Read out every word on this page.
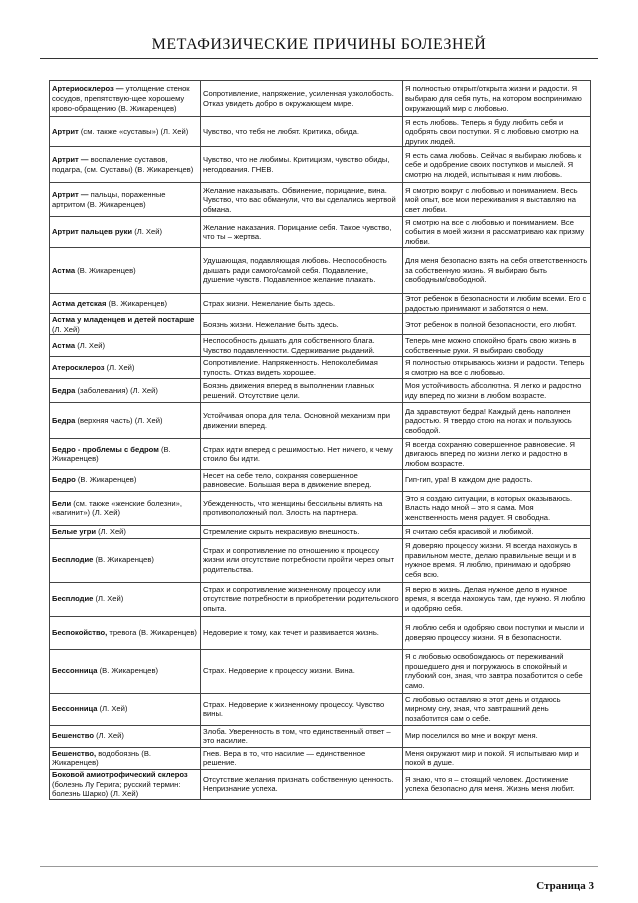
МЕТАФИЗИЧЕСКИЕ ПРИЧИНЫ БОЛЕЗНЕЙ
Артериосклероз — утолщение стенок сосудов, препятствую-щее хорошему крово-обращению (В. Жикаренцев)	Сопротивление, напряжение, усиленная узколобость. Отказ увидеть добро в окружающем мире.	Я полностью открыт/открыта жизни и радости. Я выбираю для себя путь, на котором воспринимаю окружающий мир с любовью.
Артрит (см. также «суставы») (Л. Хей)	Чувство, что тебя не любят. Критика, обида.	Я есть любовь. Теперь я буду любить себя и одобрять свои поступки. Я с любовью смотрю на других людей.
Артрит — воспаление суставов, подагра, (см. Суставы) (В. Жикаренцев)	Чувство, что не любимы. Критицизм, чувство обиды, негодования. ГНЕВ.	Я есть сама любовь. Сейчас я выбираю любовь к себе и одобрение своих поступков и мыслей. Я смотрю на людей, испытывая к ним любовь.
Артрит — пальцы, пораженные артритом (В. Жикаренцев)	Желание наказывать. Обвинение, порицание, вина. Чувство, что вас обманули, что вы сделались жертвой обмана.	Я смотрю вокруг с любовью и пониманием. Весь мой опыт, все мои переживания я выставляю на свет любви.
Артрит пальцев руки (Л. Хей)	Желание наказания. Порицание себя. Такое чувство, что ты – жертва.	Я смотрю на все с любовью и пониманием. Все события в моей жизни я рассматриваю как призму любви.
Астма (В. Жикаренцев)	Удушающая, подавляющая любовь. Неспособность дышать ради самого/самой себя. Подавление, душение чувств. Подавленное желание плакать.	Для меня безопасно взять на себя ответственность за собственную жизнь. Я выбираю быть свободным/свободной.
Астма детская (В. Жикаренцев)	Страх жизни. Нежелание быть здесь.	Этот ребенок в безопасности и любим всеми. Его с радостью принимают и заботятся о нем.
Астма у младенцев и детей постарше (Л. Хей)	Боязнь жизни. Нежелание быть здесь.	Этот ребенок в полной безопасности, его любят.
Астма (Л. Хей)	Неспособность дышать для собственного блага. Чувство подавленности. Сдерживание рыданий.	Теперь мне можно спокойно брать свою жизнь в собственные руки. Я выбираю свободу
Атеросклероз (Л. Хей)	Сопротивление. Напряженность. Непоколебимая тупость. Отказ видеть хорошее.	Я полностью открываюсь жизни и радости. Теперь я смотрю на все с любовью.
Бедра (заболевания) (Л. Хей)	Боязнь движения вперед в выполнении главных решений. Отсутствие цели.	Моя устойчивость абсолютна. Я легко и радостно иду вперед по жизни в любом возрасте.
Бедра (верхняя часть) (Л. Хей)	Устойчивая опора для тела. Основной механизм при движении вперед.	Да здравствуют бедра! Каждый день наполнен радостью. Я твердо стою на ногах и пользуюсь свободой.
Бедро - проблемы с бедром (В. Жикаренцев)	Страх идти вперед с решимостью. Нет ничего, к чему стоило бы идти.	Я всегда сохраняю совершенное равновесие. Я двигаюсь вперед по жизни легко и радостно в любом возрасте.
Бедро (В. Жикаренцев)	Несет на себе тело, сохраняя совершенное равновесие. Большая вера в движение вперед.	Гип-гип, ура! В каждом дне радость.
Бели (см. также «женские болезни», «вагинит») (Л. Хей)	Убежденность, что женщины бессильны влиять на противоположный пол. Злость на партнера.	Это я создаю ситуации, в которых оказываюсь. Власть надо мной – это я сама. Моя женственность меня радует. Я свободна.
Белые угри (Л. Хей)	Стремление скрыть некрасивую внешность.	Я считаю себя красивой и любимой.
Бесплодие (В. Жикаренцев)	Страх и сопротивление по отношению к процессу жизни или отсутствие потребности пройти через опыт родительства.	Я доверяю процессу жизни. Я всегда нахожусь в правильном месте, делаю правильные вещи и в нужное время. Я люблю, принимаю и одобряю себя всю.
Бесплодие (Л. Хей)	Страх и сопротивление жизненному процессу или отсутствие потребности в приобретении родительского опыта.	Я верю в жизнь. Делая нужное дело в нужное время, я всегда нахожусь там, где нужно. Я люблю и одобряю себя.
Беспокойство, тревога (В. Жикаренцев)	Недоверие к тому, как течет и развивается жизнь.	Я люблю себя и одобряю свои поступки и мысли и доверяю процессу жизни. Я в безопасности.
Бессонница (В. Жикаренцев)	Страх. Недоверие к процессу жизни. Вина.	Я с любовью освобождаюсь от переживаний прошедшего дня и погружаюсь в спокойный и глубокий сон, зная, что завтра позаботится о себе само.
Бессонница (Л. Хей)	Страх. Недоверие к жизненному процессу. Чувство вины.	С любовью оставляю я этот день и отдаюсь мирному сну, зная, что завтрашний день позаботится сам о себе.
Бешенство (Л. Хей)	Злоба. Уверенность в том, что единственный ответ – это насилие.	Мир поселился во мне и вокруг меня.
Бешенство, водобоязнь (В. Жикаренцев)	Гнев. Вера в то, что насилие — единственное решение.	Меня окружают мир и покой. Я испытываю мир и покой в душе.
Боковой амиотрофический склероз (болезнь Лу Герига; русский термин: болезнь Шарко) (Л. Хей)	Отсутствие желания признать собственную ценность. Непризнание успеха.	Я знаю, что я – стоящий человек. Достижение успеха безопасно для меня. Жизнь меня любит.
Страница 3
